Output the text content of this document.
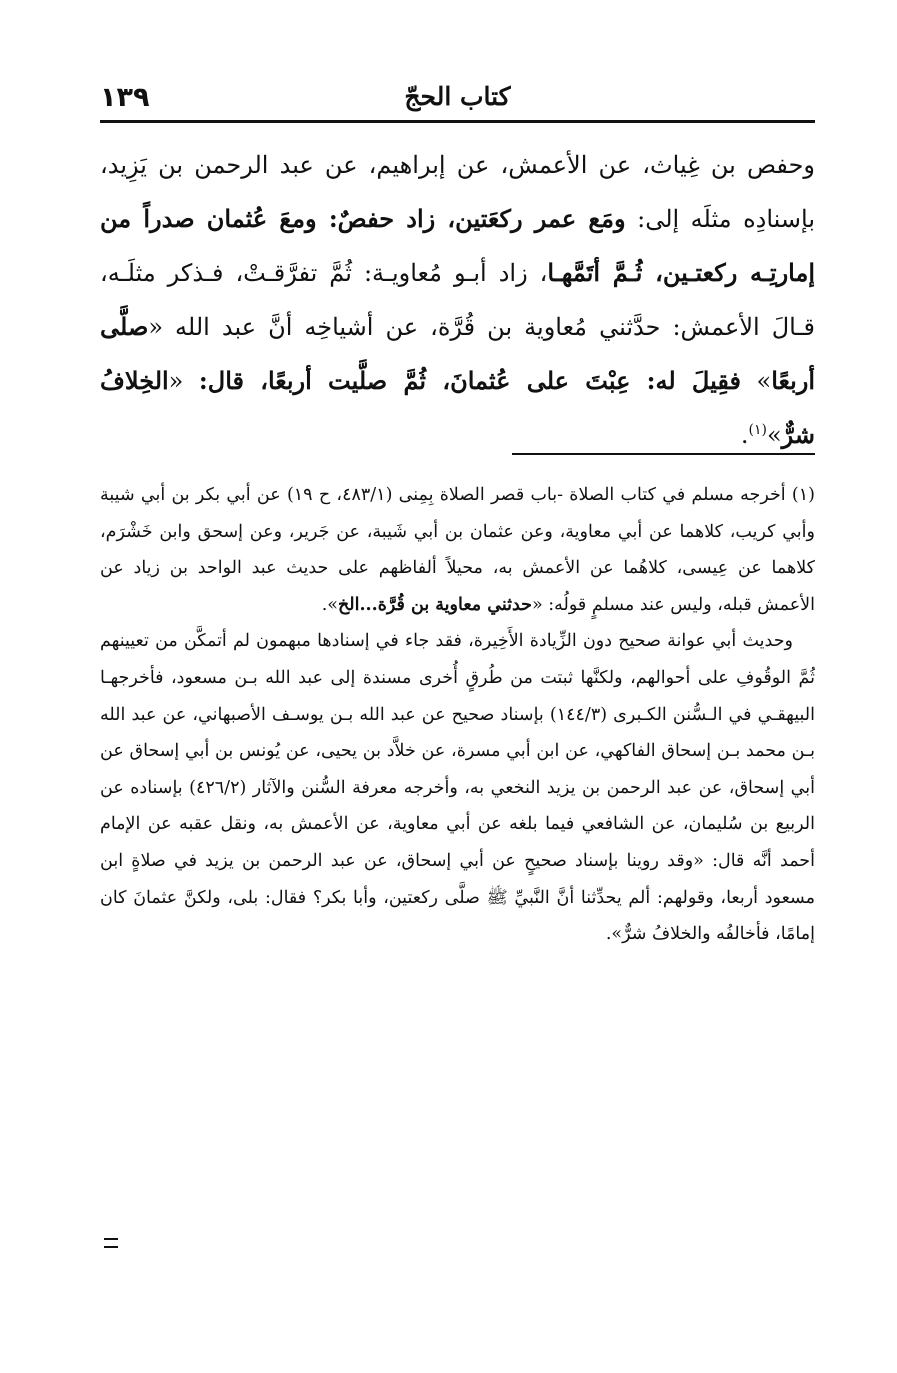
١٣٩	كتاب الحجّ
وحفص بن غِياث، عن الأعمش، عن إبراهيم، عن عبد الرحمن بن يَزِيد، بإسنادِه مثلَه إلى: ومَع عمر ركعَتين، زاد حفصٌ: ومعَ عُثمان صدراً من إمارتِـه ركعتـين، ثُـمَّ أتَمَّهـا، زاد أبـو مُعاويـة: ثُمَّ تفرَّقـتْ، فـذكر مثلَـه، قـالَ الأعمش: حدَّثني مُعاوية بن قُرَّة، عن أشياخِه أنَّ عبد الله «صلَّى أربعًا» فقِيلَ له: عِبْتَ على عُثمانَ، ثُمَّ صلَّيت أربعًا، قال: «الخِلافُ شرٌّ»$^{(١)}$.

(١) أخرجه مسلم في كتاب الصلاة -باب قصر الصلاة بِمِنى (٤٨٣/١، ح ١٩) عن أبي بكر بن أبي شيبة وأبي كريب، كلاهما عن أبي معاوية، وعن عثمان بن أبي شَيبة، عن جَرير، وعن إسحق وابن خَشْرَم، كلاهما عن عِيسى، كلاهُما عن الأعمش به، محيلاً ألفاظهم على حديث عبد الواحد بن زياد عن الأعمش قبله، وليس عند مسلمٍ قولُه: «حدثني معاوية بن قُرَّة...الخ».

وحديث أبي عوانة صحيح دون الزِّيادة الأَخِيرة، فقد جاء في إسنادها مبهمون لم أتمكَّن من تعيينهم ثُمَّ الوقُوفِ على أحوالهم، ولكنَّها ثبتت من طُرقٍ أُخرى مسندة إلى عبد الله بـن مسعود، فأخرجهـا البيهقـي في الـسُّنن الكـبرى (١٤٤/٣) بإسناد صحيح عن عبد الله بـن يوسـف الأصبهاني، عن عبد الله بـن محمد بـن إسحاق الفاكهي، عن ابن أبي مسرة، عن خلاَّد بن يحيى، عن يُونس بن أبي إسحاق عن أبي إسحاق، عن عبد الرحمن بن يزيد النخعي به، وأخرجه معرفة السُّنن والآثار (٤٢٦/٢) بإسناده عن الربيع بن سُليمان، عن الشافعي فيما بلغه عن أبي معاوية، عن الأعمش به، ونقل عقبه عن الإمام أحمد أنَّه قال: «وقد روينا بإسناد صحيحٍ عن أبي إسحاق، عن عبد الرحمن بن يزيد في صلاةٍ ابن مسعود أربعا، وقولهم: ألم يحدِّثنا أنَّ النَّبيِّ ﷺ صلَّى ركعتين، وأبا بكر؟ فقال: بلى، ولكنَّ عثمانَ كان إمامًا، فأخالفُه والخلافُ شرٌّ».
